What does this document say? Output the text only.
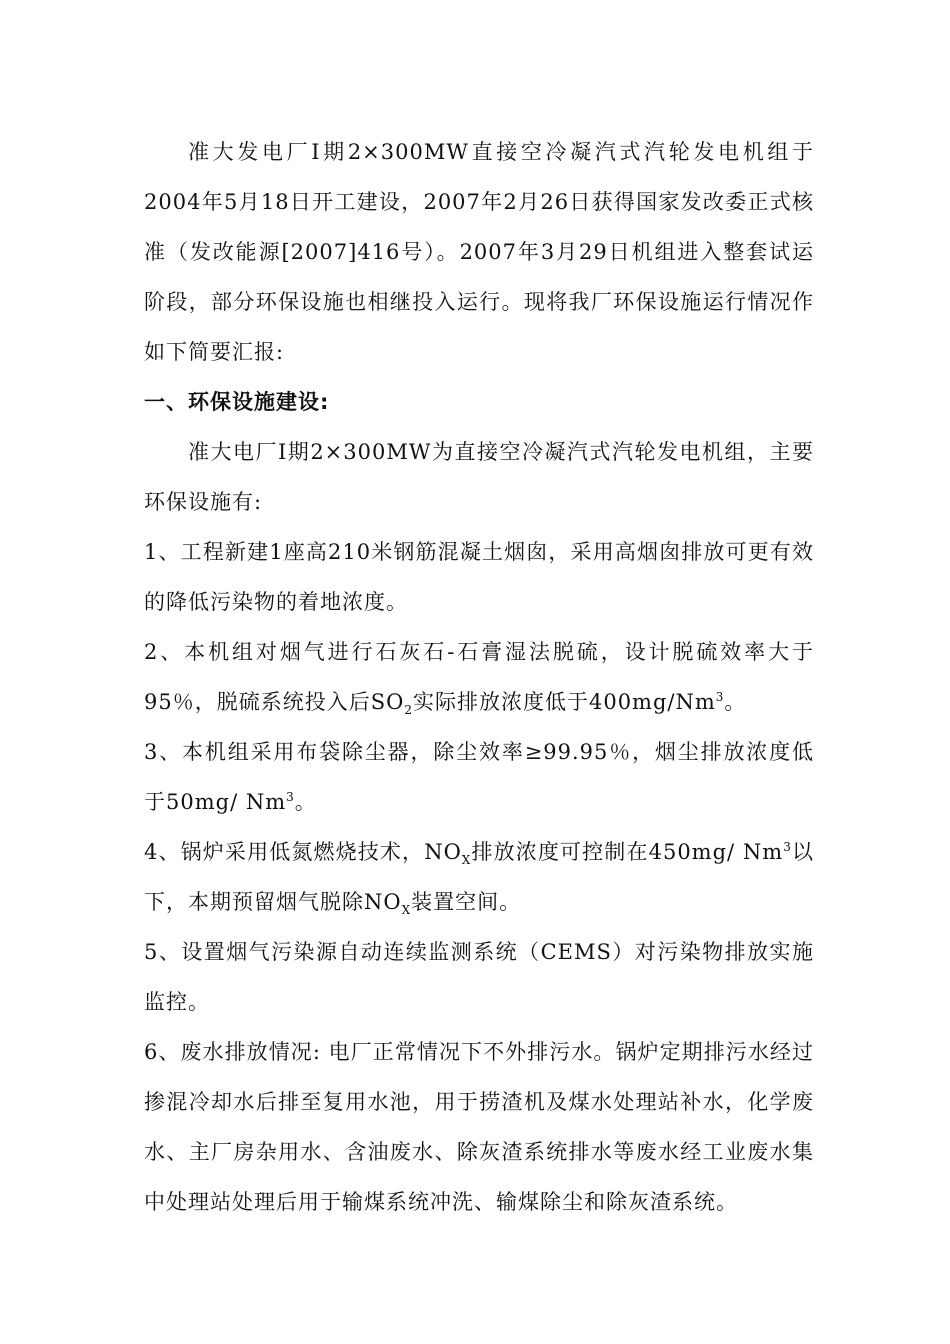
准大发电厂Ⅰ期2×300MW直接空冷凝汽式汽轮发电机组于2004年5月18日开工建设，2007年2月26日获得国家发改委正式核准（发改能源[2007]416号）。2007年3月29日机组进入整套试运阶段，部分环保设施也相继投入运行。现将我厂环保设施运行情况作如下简要汇报:

一、环保设施建设:

准大电厂Ⅰ期2×300MW为直接空冷凝汽式汽轮发电机组，主要环保设施有:

1、工程新建1座高210米钢筋混凝土烟囱，采用高烟囱排放可更有效的降低污染物的着地浓度。

2、本机组对烟气进行石灰石-石膏湿法脱硫，设计脱硫效率大于95％，脱硫系统投入后$SO_2$实际排放浓度低于400mg/Nm$^3$。

3、本机组采用布袋除尘器，除尘效率≥99.95％，烟尘排放浓度低于50mg/ Nm$^3$。

4、锅炉采用低氮燃烧技术，$NO_X$排放浓度可控制在450mg/ Nm$^3$以下，本期预留烟气脱除$NO_X$装置空间。

5、设置烟气污染源自动连续监测系统（CEMS）对污染物排放实施监控。

6、废水排放情况: 电厂正常情况下不外排污水。锅炉定期排污水经过掺混冷却水后排至复用水池，用于捞渣机及煤水处理站补水，化学废水、主厂房杂用水、含油废水、除灰渣系统排水等废水经工业废水集中处理站处理后用于输煤系统冲洗、输煤除尘和除灰渣系统。
